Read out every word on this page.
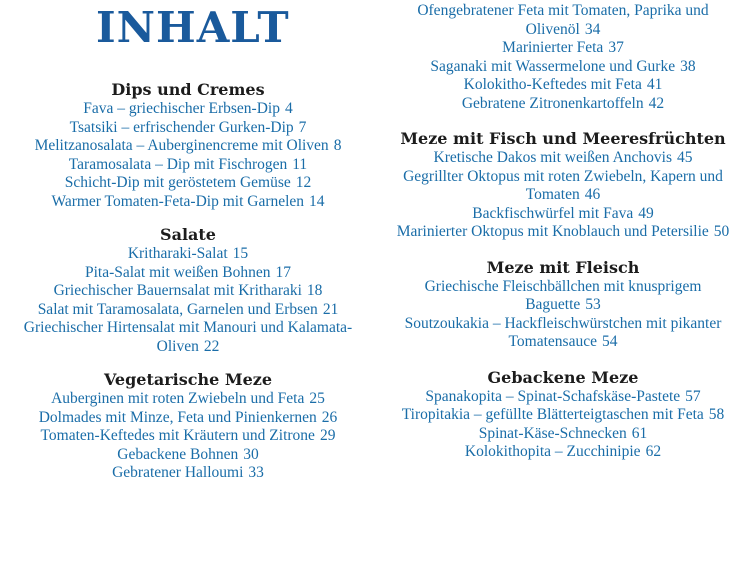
INHALT

Dips und Cremes

Fava – griechischer Erbsen-Dip 4

Tsatsiki – erfrischender Gurken-Dip 7

Melitzanosalata – Auberginencreme mit Oliven 8

Taramosalata – Dip mit Fischrogen 11

Schicht-Dip mit geröstetem Gemüse 12

Warmer Tomaten-Feta-Dip mit Garnelen 14

Salate

Kritharaki-Salat 15

Pita-Salat mit weißen Bohnen 17

Griechischer Bauernsalat mit Kritharaki 18

Salat mit Taramosalata, Garnelen und Erbsen 21

Griechischer Hirtensalat mit Manouri und Kalamata-Oliven 22

Vegetarische Meze

Auberginen mit roten Zwiebeln und Feta 25

Dolmades mit Minze, Feta und Pinienkernen 26

Tomaten-Keftedes mit Kräutern und Zitrone 29

Gebackene Bohnen 30

Gebratener Halloumi 33

Ofengebratener Feta mit Tomaten, Paprika und Olivenöl 34

Marinierter Feta 37

Saganaki mit Wassermelone und Gurke 38

Kolokitho-Keftedes mit Feta 41

Gebratene Zitronenkartoffeln 42

Meze mit Fisch und Meeresfrüchten

Kretische Dakos mit weißen Anchovis 45

Gegrillter Oktopus mit roten Zwiebeln, Kapern und Tomaten 46

Backfischwürfel mit Fava 49

Marinierter Oktopus mit Knoblauch und Petersilie 50

Meze mit Fleisch

Griechische Fleischbällchen mit knusprigem Baguette 53

Soutzoukakia – Hackfleischwürstchen mit pikanter Tomatensauce 54

Gebackene Meze

Spanakopita – Spinat-Schafskäse-Pastete 57

Tiropitakia – gefüllte Blätterteigtaschen mit Feta 58

Spinat-Käse-Schnecken 61

Kolokithopita – Zucchinipie 62
